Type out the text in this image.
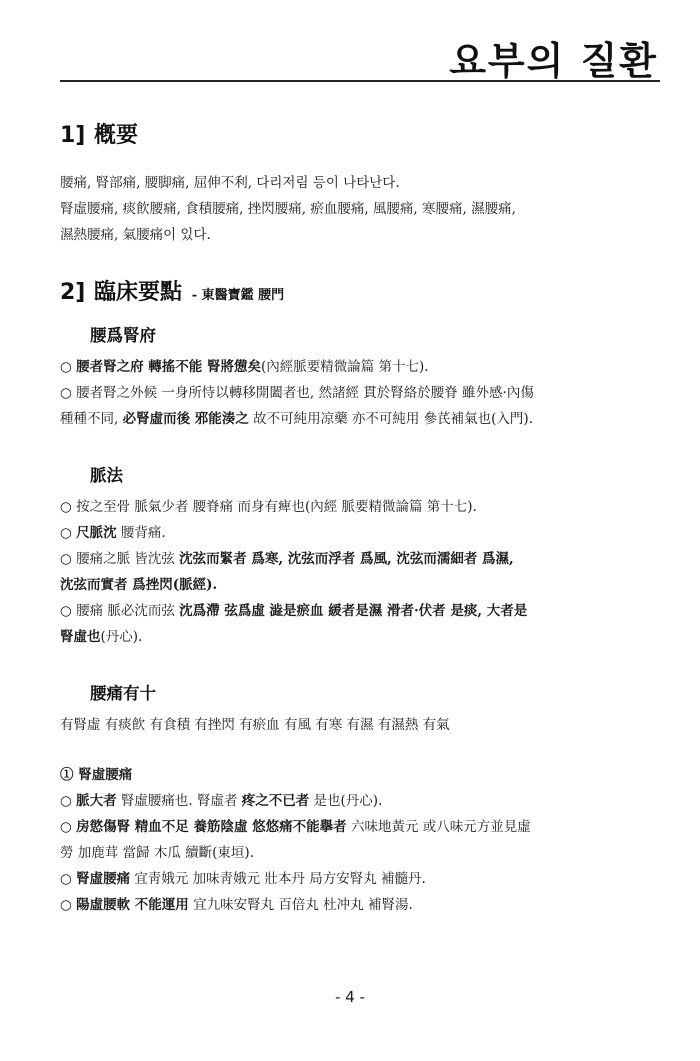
요부의 질환
1] 槪要

腰痛, 腎部痛, 腰脚痛, 屈伸不利, 다리저림 등이 나타난다.

腎虛腰痛, 痰飮腰痛, 食積腰痛, 挫閃腰痛, 瘀血腰痛, 風腰痛, 寒腰痛, 濕腰痛,

濕熱腰痛, 氣腰痛이 있다.

2] 臨床要點 - 東醫寶鑑 腰門
腰爲腎府

○ 腰者腎之府 轉搖不能 腎將憊矣(內經脈要精微論篇 第十七).

○ 腰者腎之外候 一身所恃以轉移開闔者也, 然諸經 貫於腎絡於腰脊 雖外感·內傷

種種不同, 必腎虛而後 邪能湊之 故不可純用凉藥 亦不可純用 參芪補氣也(入門).

脈法

○ 按之至骨 脈氣少者 腰脊痛 而身有痺也(內經 脈要精微論篇 第十七).

○ 尺脈沈 腰背痛.

○ 腰痛之脈 皆沈弦 沈弦而緊者 爲寒, 沈弦而浮者 爲風, 沈弦而濡細者 爲濕,

沈弦而實者 爲挫閃(脈經).

○ 腰痛 脈必沈而弦 沈爲滯 弦爲虛 澁是瘀血 緩者是濕 滑者·伏者 是痰, 大者是

腎虛也(丹心).

腰痛有十

有腎虛 有痰飮 有食積 有挫閃 有瘀血 有風 有寒 有濕 有濕熱 有氣

① 腎虛腰痛

○ 脈大者 腎虛腰痛也. 腎虛者 疼之不已者 是也(丹心).

○ 房慾傷腎 精血不足 養筋陰虛 悠悠痛不能擧者 六味地黃元 或八味元方並見虛

勞 加鹿茸 當歸 木瓜 續斷(東垣).

○ 腎虛腰痛 宜靑娥元 加味靑娥元 壯本丹 局方安腎丸 補髓丹.

○ 陽虛腰軟 不能運用 宜九味安腎丸 百倍丸 杜冲丸 補腎湯.

- 4 -
